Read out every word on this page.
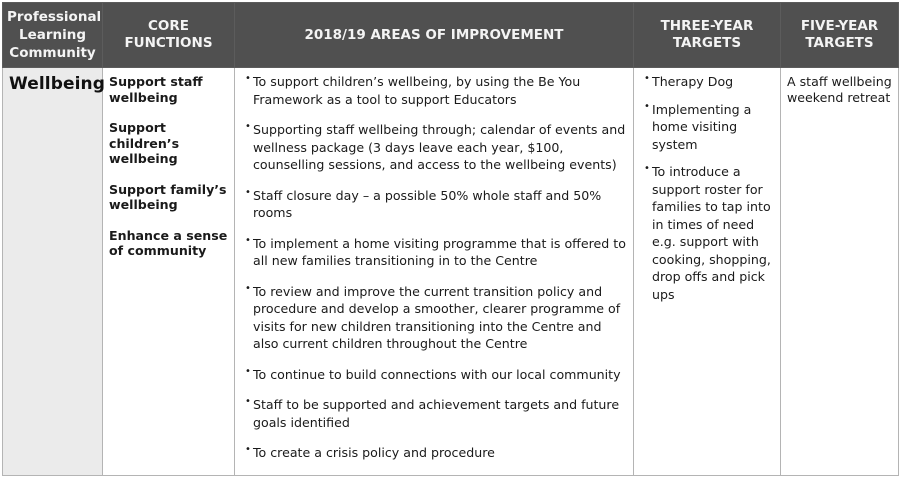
Professional Learning Community	CORE FUNCTIONS	2018/19 AREAS OF IMPROVEMENT	THREE-YEAR TARGETS	FIVE-YEAR TARGETS

Wellbeing	Support staff wellbeing
Support children’s wellbeing
Support family’s wellbeing
Enhance a sense of community

• To support children’s wellbeing, by using the Be You Framework as a tool to support Educators
• Supporting staff wellbeing through; calendar of events and wellness package (3 days leave each year, $100, counselling sessions, and access to the wellbeing events)
• Staff closure day – a possible 50% whole staff and 50% rooms
• To implement a home visiting programme that is offered to all new families transitioning in to the Centre
• To review and improve the current transition policy and procedure and develop a smoother, clearer programme of visits for new children transitioning into the Centre and also current children throughout the Centre
• To continue to build connections with our local community
• Staff to be supported and achievement targets and future goals identified
• To create a crisis policy and procedure

• Therapy Dog
• Implementing a home visiting system
• To introduce a support roster for families to tap into in times of need e.g. support with cooking, shopping, drop offs and pick ups

A staff wellbeing weekend retreat
